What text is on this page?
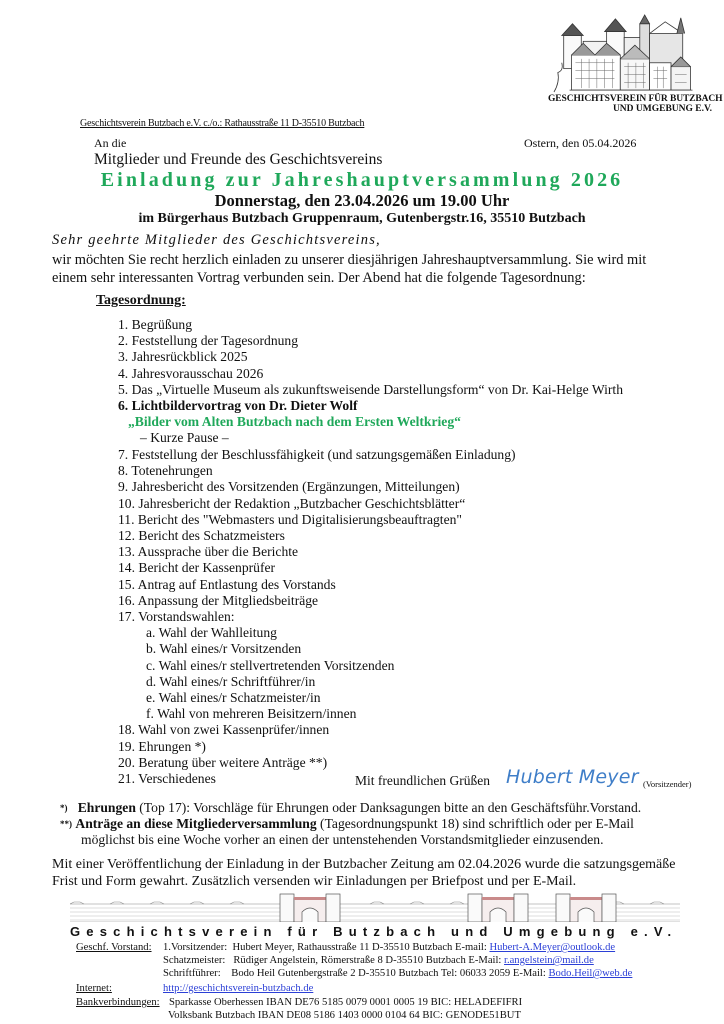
GESCHICHTSVEREIN FÜR BUTZBACH
UND UMGEBUNG E.V.
Geschichtsverein Butzbach e.V. c./o.: Rathausstraße 11 D-35510 Butzbach
An die	Ostern, den 05.04.2026
Mitglieder und Freunde des Geschichtsvereins
Einladung zur Jahreshauptversammlung 2026
Donnerstag, den 23.04.2026 um 19.00 Uhr
im Bürgerhaus Butzbach Gruppenraum, Gutenbergstr.16, 35510 Butzbach
Sehr geehrte Mitglieder des Geschichtsvereins,
wir möchten Sie recht herzlich einladen zu unserer diesjährigen Jahreshauptversammlung. Sie wird mit
einem sehr interessanten Vortrag verbunden sein. Der Abend hat die folgende Tagesordnung:
Tagesordnung:
1. Begrüßung
2. Feststellung der Tagesordnung
3. Jahresrückblick 2025
4. Jahresvorausschau 2026
5. Das „Virtuelle Museum als zukunftsweisende Darstellungsform“ von Dr. Kai-Helge Wirth
6. Lichtbildervortrag von Dr. Dieter Wolf
„Bilder vom Alten Butzbach nach dem Ersten Weltkrieg“
– Kurze Pause –
7. Feststellung der Beschlussfähigkeit (und satzungsgemäßen Einladung)
8. Totenehrungen
9. Jahresbericht des Vorsitzenden (Ergänzungen, Mitteilungen)
10. Jahresbericht der Redaktion „Butzbacher Geschichtsblätter“
11. Bericht des "Webmasters und Digitalisierungsbeauftragten"
12. Bericht des Schatzmeisters
13. Aussprache über die Berichte
14. Bericht der Kassenprüfer
15. Antrag auf Entlastung des Vorstands
16. Anpassung der Mitgliedsbeiträge
17. Vorstandswahlen:
a. Wahl der Wahlleitung
b. Wahl eines/r Vorsitzenden
c. Wahl eines/r stellvertretenden Vorsitzenden
d. Wahl eines/r Schriftführer/in
e. Wahl eines/r Schatzmeister/in
f. Wahl von mehreren Beisitzern/innen
18. Wahl von zwei Kassenprüfer/innen
19. Ehrungen *)
20. Beratung über weitere Anträge **)
21. Verschiedenes	Mit freundlichen Grüßen Hubert Meyer (Vorsitzender)
*) Ehrungen (Top 17): Vorschläge für Ehrungen oder Danksagungen bitte an den Geschäftsführ.Vorstand.
**) Anträge an diese Mitgliederversammlung (Tagesordnungspunkt 18) sind schriftlich oder per E-Mail
möglichst bis eine Woche vorher an einen der untenstehenden Vorstandsmitglieder einzusenden.
Mit einer Veröffentlichung der Einladung in der Butzbacher Zeitung am 02.04.2026 wurde die satzungsgemäße
Frist und Form gewahrt. Zusätzlich versenden wir Einladungen per Briefpost und per E-Mail.
Geschichtsverein für Butzbach und Umgebung e.V.
Geschf. Vorstand: 1.Vorsitzender: Hubert Meyer, Rathausstraße 11 D-35510 Butzbach E-mail: Hubert-A.Meyer@outlook.de
Schatzmeister: Rüdiger Angelstein, Römerstraße 8 D-35510 Butzbach E-Mail: r.angelstein@mail.de
Schriftführer: Bodo Heil Gutenbergstraße 2 D-35510 Butzbach Tel: 06033 2059 E-Mail: Bodo.Heil@web.de
Internet:	http://geschichtsverein-butzbach.de
Bankverbindungen: Sparkasse Oberhessen IBAN DE76 5185 0079 0001 0005 19 BIC: HELADEFIFRI
Volksbank Butzbach IBAN DE08 5186 1403 0000 0104 64 BIC: GENODE51BUT
